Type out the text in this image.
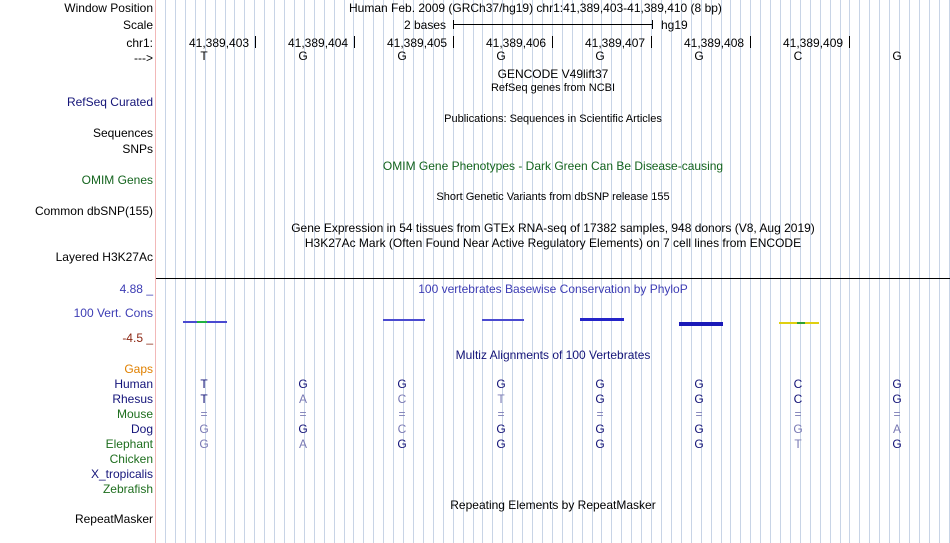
Window Position	Human Feb. 2009 (GRCh37/hg19) chr1:41,389,403-41,389,410 (8 bp)
Scale	2 bases	hg19
chr1:	41,389,403	41,389,404	41,389,405	41,389,406	41,389,407	41,389,408	41,389,409
--->	T	G	G	G	G	G	C	G
GENCODE V49lift37
RefSeq genes from NCBI
RefSeq Curated
Publications: Sequences in Scientific Articles
Sequences
SNPs
OMIM Gene Phenotypes - Dark Green Can Be Disease-causing
OMIM Genes
Short Genetic Variants from dbSNP release 155
Common dbSNP(155)
Gene Expression in 54 tissues from GTEx RNA-seq of 17382 samples, 948 donors (V8, Aug 2019)
H3K27Ac Mark (Often Found Near Active Regulatory Elements) on 7 cell lines from ENCODE
Layered H3K27Ac
4.88 _	100 vertebrates Basewise Conservation by PhyloP
100 Vert. Cons
-4.5 _
Multiz Alignments of 100 Vertebrates
Gaps
Human	T	G	G	G	G	G	C	G
Rhesus	T	A	C	T	G	G	C	G
Mouse	=	=	=	=	=	=	=	=
Dog	G	G	C	G	G	G	G	A
Elephant	G	A	G	G	G	G	T	G
Chicken
X_tropicalis
Zebrafish
Repeating Elements by RepeatMasker
RepeatMasker
